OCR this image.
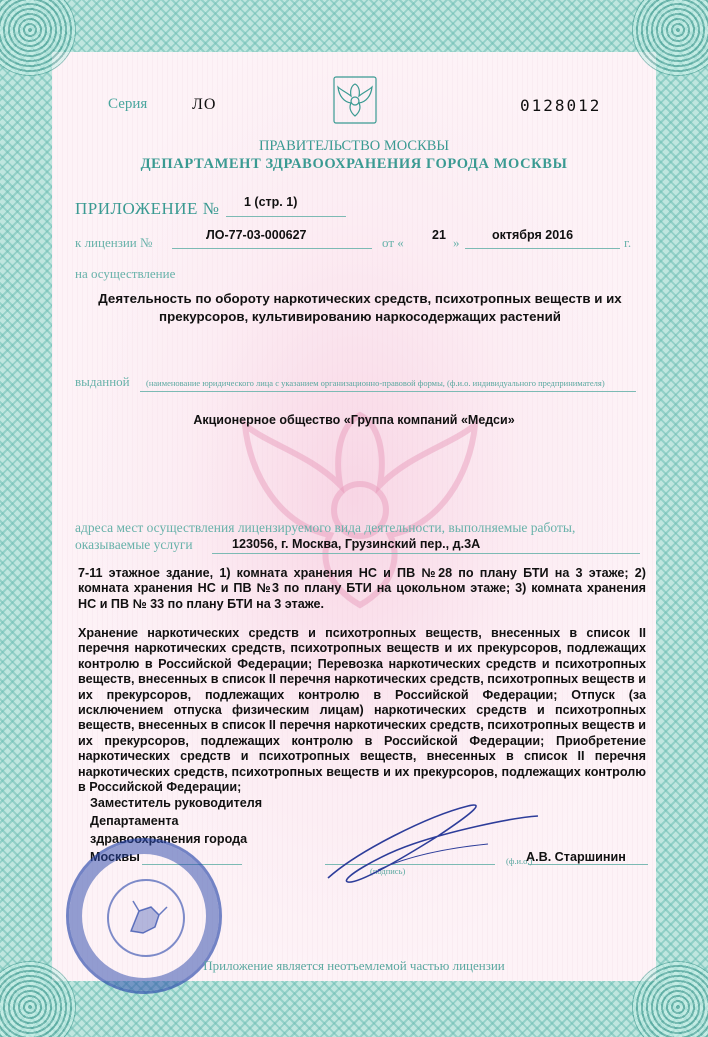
Серия	ЛО	0128012
ПРАВИТЕЛЬСТВО МОСКВЫ
ДЕПАРТАМЕНТ ЗДРАВООХРАНЕНИЯ ГОРОДА МОСКВЫ
ПРИЛОЖЕНИЕ № 1 (стр. 1)
к лицензии №	ЛО-77-03-000627	от « 21 »	октября 2016	г.
на осуществление
Деятельность по обороту наркотических средств, психотропных веществ и их прекурсоров, культивированию наркосодержащих растений
выданной (наименование юридического лица с указанием организационно-правовой формы, (ф.и.о. индивидуального предпринимателя)
Акционерное общество «Группа компаний «Медси»
адреса мест осуществления лицензируемого вида деятельности, выполняемые работы, оказываемые услуги	123056, г. Москва, Грузинский пер., д.3А
7-11 этажное здание, 1) комната хранения НС и ПВ №28 по плану БТИ на 3 этаже; 2) комната хранения НС и ПВ №3 по плану БТИ на цокольном этаже; 3) комната хранения НС и ПВ № 33 по плану БТИ на 3 этаже.
Хранение наркотических средств и психотропных веществ, внесенных в список II перечня наркотических средств, психотропных веществ и их прекурсоров, подлежащих контролю в Российской Федерации; Перевозка наркотических средств и психотропных веществ, внесенных в список II перечня наркотических средств, психотропных веществ и их прекурсоров, подлежащих контролю в Российской Федерации; Отпуск (за исключением отпуска физическим лицам) наркотических средств и психотропных веществ, внесенных в список II перечня наркотических средств, психотропных веществ и их прекурсоров, подлежащих контролю в Российской Федерации; Приобретение наркотических средств и психотропных веществ, внесенных в список II перечня наркотических средств, психотропных веществ и их прекурсоров, подлежащих контролю в Российской Федерации;
Заместитель руководителя
Департамента
здравоохранения города
Москвы
(подпись)
(ф.и.о.)
А.В. Старшинин
Приложение является неотъемлемой частью лицензии
